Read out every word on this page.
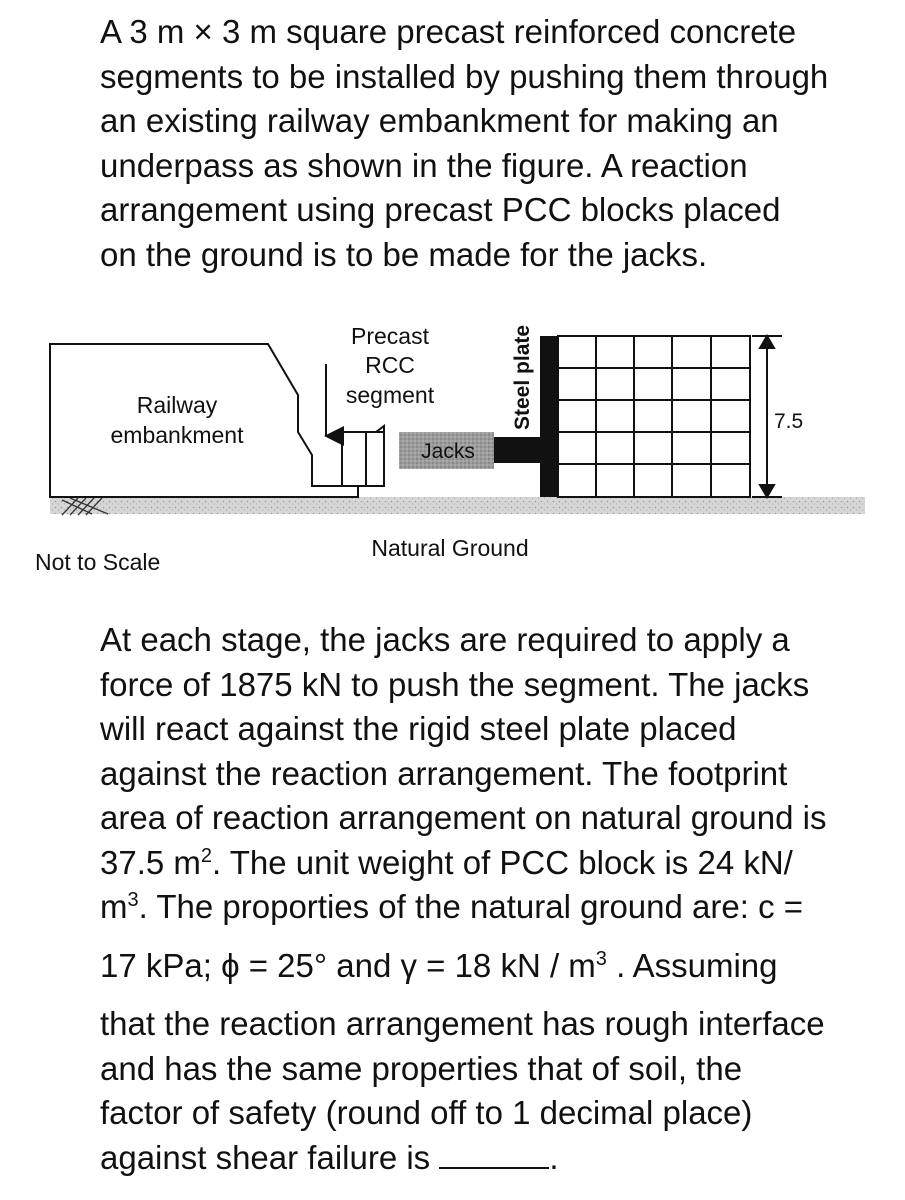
A 3 m × 3 m square precast reinforced concrete
segments to be installed by pushing them through
an existing railway embankment for making an
underpass as shown in the figure. A reaction
arrangement using precast PCC blocks placed
on the ground is to be made for the jacks.

Railway
embankment
Precast
RCC
segment
Jacks
Steel plate	7.5
Natural Ground
Not to Scale

At each stage, the jacks are required to apply a
force of 1875 kN to push the segment. The jacks
will react against the rigid steel plate placed
against the reaction arrangement. The footprint
area of reaction arrangement on natural ground is
37.5 $m^2$. The unit weight of PCC block is 24 kN/
$m^3$. The proporties of the natural ground are: c =
17 kPa; ϕ = 25° and γ = 18 kN / $m^3$ . Assuming
that the reaction arrangement has rough interface
and has the same properties that of soil, the
factor of safety (round off to 1 decimal place)
against shear failure is	.
